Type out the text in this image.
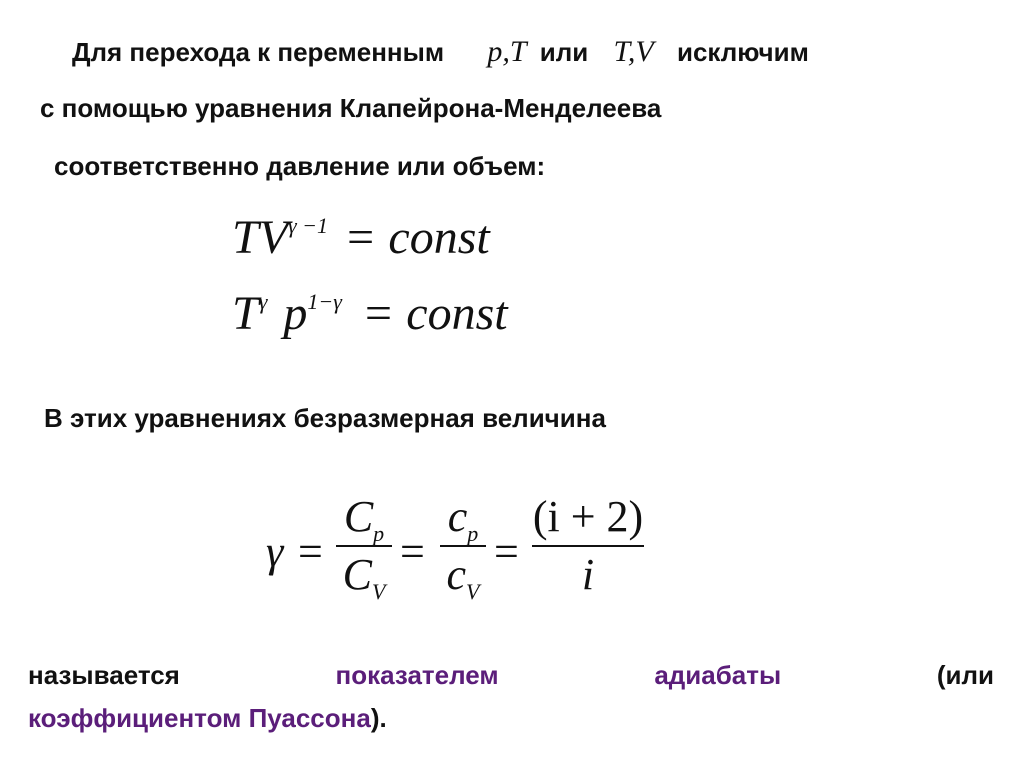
Для перехода к переменным p,T или T,V исключим
с помощью уравнения Клапейрона-Менделеева
соответственно давление или объем:
$TV^{\gamma -1}$ = const
$T^\gamma$ $p^{1-\gamma}$ = const
В этих уравнениях безразмерная величина
γ =
$C_p$
$C_V$
=
$c_p$
$c_V$
=
(i + 2)
i
называется	показателем	адиабаты	(или
коэффициентом Пуассона).
